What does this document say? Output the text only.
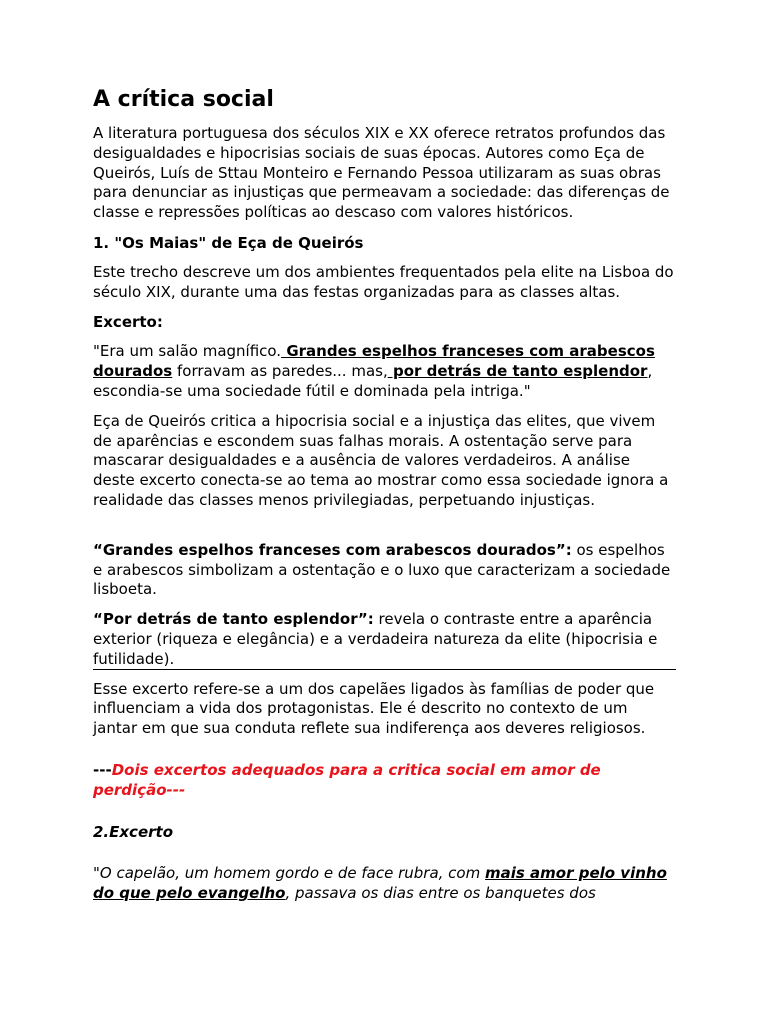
A crítica social

A literatura portuguesa dos séculos XIX e XX oferece retratos profundos das desigualdades e hipocrisias sociais de suas épocas. Autores como Eça de Queirós, Luís de Sttau Monteiro e Fernando Pessoa utilizaram as suas obras para denunciar as injustiças que permeavam a sociedade: das diferenças de classe e repressões políticas ao descaso com valores históricos.

1. "Os Maias" de Eça de Queirós

Este trecho descreve um dos ambientes frequentados pela elite na Lisboa do século XIX, durante uma das festas organizadas para as classes altas.

Excerto:

"Era um salão magnífico. Grandes espelhos franceses com arabescos dourados forravam as paredes... mas, por detrás de tanto esplendor, escondia-se uma sociedade fútil e dominada pela intriga."

Eça de Queirós critica a hipocrisia social e a injustiça das elites, que vivem de aparências e escondem suas falhas morais. A ostentação serve para mascarar desigualdades e a ausência de valores verdadeiros. A análise deste excerto conecta-se ao tema ao mostrar como essa sociedade ignora a realidade das classes menos privilegiadas, perpetuando injustiças.

“Grandes espelhos franceses com arabescos dourados”: os espelhos e arabescos simbolizam a ostentação e o luxo que caracterizam a sociedade lisboeta.

“Por detrás de tanto esplendor”: revela o contraste entre a aparência exterior (riqueza e elegância) e a verdadeira natureza da elite (hipocrisia e futilidade).

Esse excerto refere-se a um dos capelães ligados às famílias de poder que influenciam a vida dos protagonistas. Ele é descrito no contexto de um jantar em que sua conduta reflete sua indiferença aos deveres religiosos.

---Dois excertos adequados para a critica social em amor de perdição---

2.Excerto

"O capelão, um homem gordo e de face rubra, com mais amor pelo vinho do que pelo evangelho, passava os dias entre os banquetes dos
